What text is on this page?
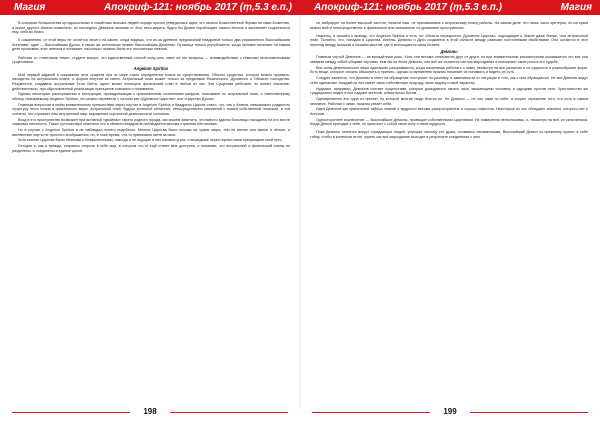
Магия	Апокриф-121: ноябрь 2017 (ṃ,5.3 е.п.)

В сознании большинства ортодоксальных и лишённых высших людей порядо прочно утвердилась идея, что начало Божественной Формы не само Божество, а иначе другого Ангела позволено, их последних Демонов начиная от Зла; несо-верить, будто бы Демон порабощает самого Ангела и заставляет подчиниться ему, себя во благо.

К сожалению, от этой веры не остаётся ничего на камне, когда видишь, что из-за древних предписаний Квадратов только два управляются Высочайшими Ангелами, один — Высочайшим Духом, в своих же источниках правит Высочайшим Демоном. Путаница только усугубляется, когда человек начинает на самом деле призывать этих ангелов и понимает, насколько наивны были его постоянные мнения.

Работая со «светлыми теми», студент вскоре, что единственный способ полу-чить ответ на эти вопросы — взаимодействие с тёмными нечеловеческими существами.

Angelum Spiritus

Мой первый задачей в понимании этих существ при их мире стало определение плана их существования. Обычно существо, которое можно призвать, находится на астральном плане, и форма энергии из света. Астральный план может только за пределами Физического, Духовного и Области господства. Разумеется, создавать астральные Тела Света, адепт может посещать физический план в любом из них. Эти Существа работают, но имеют значение, действительно, при обусловленной реализации принципов сознания и понимания.

Однако некоторые распоряжения и инструкции, принадлежащие к оригинальным сочинениям шифров, описывают их астральный план, и таинственному облику, называемому Angelum Spiritus, что можно перевести с латыни как «Духовное Царство» или «Царство Духов».

Главным вопросом в моём внимательном путешествии через портал в Angelum Spiritus и Квадраты Царств стало, что, как у Ангела, невозможно разделить структуру этого плана и физического мира. Астральный план, будучи конечной областью, непосредственно связанной с нашей собственной психикой, в той степени, что отражает наш внутренний мир, выражение оценочной деятельности сознания.

Вход в это пространство возможен при активной «двойник» своего родного города, мы можем заметить, что вместо здания больницы находится на его месте знакомая местность. Также путешествуя отмечено что в области Квадратов наблюдается весьма странная обстановка.

Но в случае с Angelum Spiritus я не наблюдал ничего подобного. Многие Царства были похожи на чужие миры, тем не менее они имели и чёткие, и явственные черты не простого воображения, но, в тоже время, что-то принимало меня за свои.

Хотя многие Царства были тёмными и безжалостными, никогда я не ощущал в них никаких угроз, и вошедшие через портал сами прекращали свой путь.

Сегодня я, как и прежде, стараюсь открыть в себе мир, в котором что-то ещё станет мне доступно, и понимаю, что астральный и физический планы не разделены, а соединены в единое целое.

198
Апокриф-121: ноябрь 2017 (ṃ,5.3 е.п.)	Магия

ся, вибрирует на более высокой частоте, нежели наш, не принимаемые к астральному плану районы. На самом деле, это лишь часть критерия, по которым можно войти непосредственно в физическое или смешанное со-уровневое пространство.

Наконец, я пришёл к выводу, что Angelum Spiritus и есть тот область перекрытия, Духовное Царство, подходящее к Земле даже ближе, чем астральный план. Понятно, что, попадая в Царства, Ангелы, Демоны и Духи создаются в этой области между разными постоянными свойствами. Они остаются в этот переход между высшим и низшим местом, где и воплощается сама Истина.

Демоны

Главным чертой Демонов — их врождённая роль. Хотя они весьма отличаются друг от друга, но при внимательном рассмотрении оказывается что все они связаны между собой общими чертами. Кем бы ни были Демоны, они всё же остаются частью мироздания и исполняют свою роль в его судьбе.

Все силы демонического мира одинаково раскрываются, когда начинаешь работать с ними, несмотря на все различия в их сущности и разнообразие форм. Есть вещи, которые сложно объяснить и принять, однако со временем практик начинает их понимать и видеть их суть.

Следует заметить, что Демоны в ответ на обращение поступают по-разному, в зависимости от ситуации и того, как к ним обращаются. Не все Демоны ведут себя одинаково. Каждый из них имеет свою собственную природу, свою задачу и свой характер.

Иудаизм, например, Демонов считает сущностями, которые дожидаются своего часа, мешающими человеку и идущими против него. Христианство же традиционно видит в них падших ангелов, отвергнутых Богом.

Одновременно это одна из причин, по которой многие люди боятся их. Но Демоны — не зло сами по себе, а скорее отражение того, что есть в самом человеке. Работая с ними, практик узнаёт себя.

Идея Демонов как хранителей тайных знаний и мудрости весьма распространена и хорошо известна. Некоторые из них обладают знанием, которого нет у Ангелов.

Одностороннее исключение — Высочайшие Демоны, правящие собственными Царствами. Их намерения непостижимы, и, несмотря на всё, их сила велика. Когда Демон приходит к тебе, он приносит с собой свою силу и свою мудрость.

Пока Демоны толпятся вокруг страдающих людей, улучшая частицу его души, оставаясь неизменными, Высочайший Демон по-прежнему хранит в себе тайну, чтобы в конечном итоге, узреть как всё мироздание выходит в результате соединения с ним.

199
